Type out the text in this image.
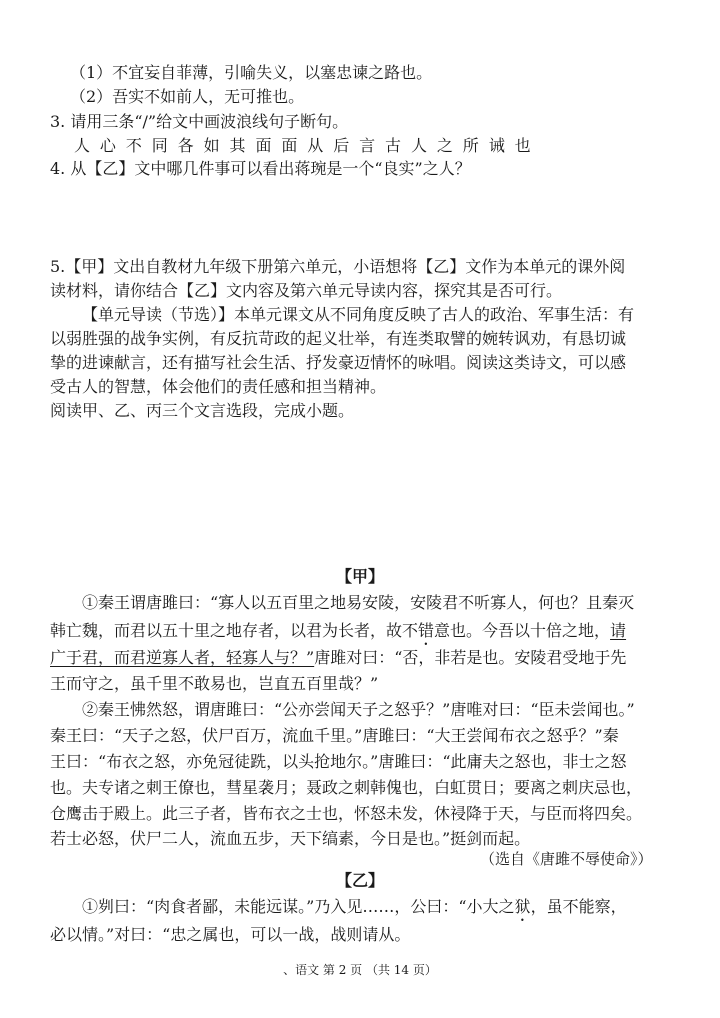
（1）不宜妄自菲薄，引喻失义，以塞忠谏之路也。
（2）吾实不如前人，无可推也。
3. 请用三条“/”给文中画波浪线句子断句。
人心不同各如其面面从后言古人之所诫也
4. 从【乙】文中哪几件事可以看出蒋琬是一个“良实”之人？
5.【甲】文出自教材九年级下册第六单元，小语想将【乙】文作为本单元的课外阅
读材料，请你结合【乙】文内容及第六单元导读内容，探究其是否可行。
【单元导读（节选）】本单元课文从不同角度反映了古人的政治、军事生活：有
以弱胜强的战争实例，有反抗苛政的起义壮举，有连类取譬的婉转讽劝，有恳切诚
挚的进谏献言，还有描写社会生活、抒发豪迈情怀的咏唱。阅读这类诗文，可以感
受古人的智慧，体会他们的责任感和担当精神。
阅读甲、乙、丙三个文言选段，完成小题。
【甲】
①秦王谓唐雎曰：“寡人以五百里之地易安陵，安陵君不听寡人，何也？且秦灭
韩亡魏，而君以五十里之地存者，以君为长者，故不错意也。今吾以十倍之地，请
广于君，而君逆寡人者，轻寡人与？”唐雎对曰：“否，非若是也。安陵君受地于先
王而守之，虽千里不敢易也，岂直五百里哉？”
②秦王怫然怒，谓唐雎曰：“公亦尝闻天子之怒乎？”唐唯对曰：“臣未尝闻也。”
秦王曰：“天子之怒，伏尸百万，流血千里。”唐雎曰：“大王尝闻布衣之怒乎？”秦
王曰：“布衣之怒，亦免冠徒跣，以头抢地尔。”唐雎曰：“此庸夫之怒也，非士之怒
也。夫专诸之刺王僚也，彗星袭月；聂政之刺韩傀也，白虹贯日；要离之刺庆忌也，
仓鹰击于殿上。此三子者，皆布衣之士也，怀怒未发，休祲降于天，与臣而将四矣。
若士必怒，伏尸二人，流血五步，天下缟素，今日是也。”挺剑而起。
（选自《唐雎不辱使命》）
【乙】
①刿曰：“肉食者鄙，未能远谋。”乃入见……，公曰：“小大之狱，虽不能察，
必以情。”对曰：“忠之属也，可以一战，战则请从。
、语文 第 2 页 （共 14 页）
